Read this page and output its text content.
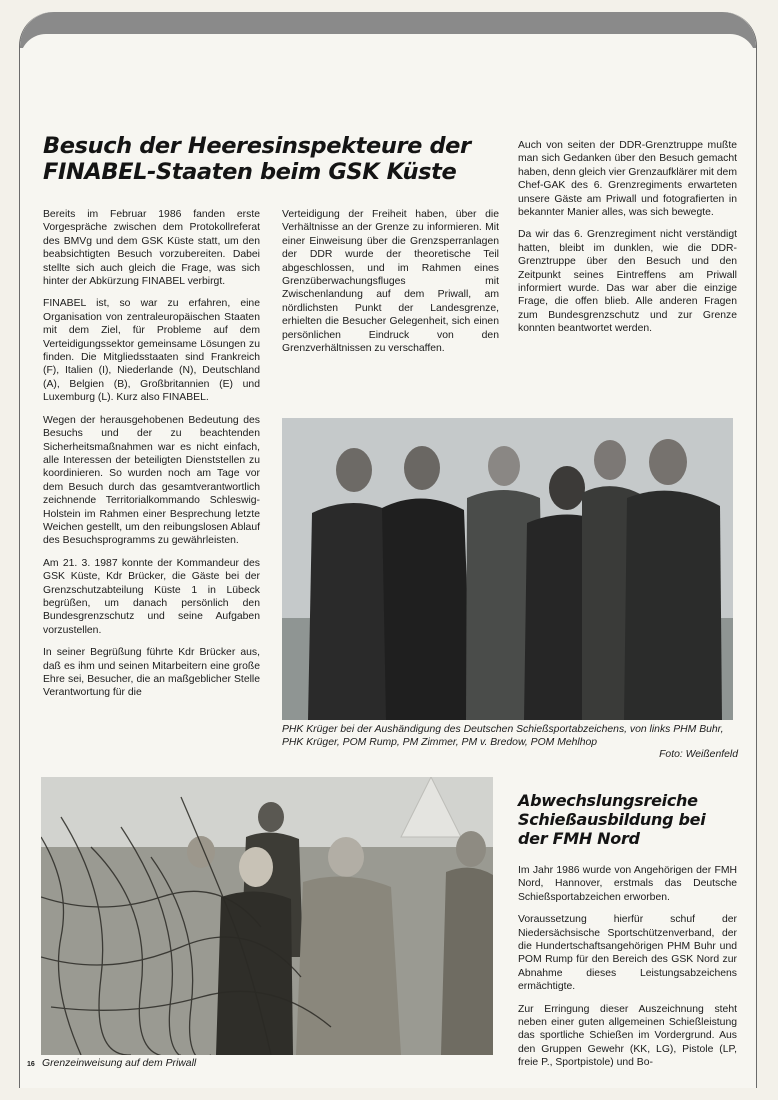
Besuch der Heeresinspekteure der FINABEL-Staaten beim GSK Küste

Bereits im Februar 1986 fanden erste Vorgespräche zwischen dem Protokollreferat des BMVg und dem GSK Küste statt, um den beabsichtigten Besuch vorzubereiten. Dabei stellte sich auch gleich die Frage, was sich hinter der Abkürzung FINABEL verbirgt.

FINABEL ist, so war zu erfahren, eine Organisation von zentraleuropäischen Staaten mit dem Ziel, für Probleme auf dem Verteidigungssektor gemeinsame Lösungen zu finden. Die Mitgliedsstaaten sind Frankreich (F), Italien (I), Niederlande (N), Deutschland (A), Belgien (B), Großbritannien (E) und Luxemburg (L). Kurz also FINABEL.

Wegen der herausgehobenen Bedeutung des Besuchs und der zu beachtenden Sicherheitsmaßnahmen war es nicht einfach, alle Interessen der beteiligten Dienststellen zu koordinieren. So wurden noch am Tage vor dem Besuch durch das gesamtverantwortlich zeichnende Territorialkommando Schleswig-Holstein im Rahmen einer Besprechung letzte Weichen gestellt, um den reibungslosen Ablauf des Besuchsprogramms zu gewährleisten.

Am 21. 3. 1987 konnte der Kommandeur des GSK Küste, Kdr Brücker, die Gäste bei der Grenzschutzabteilung Küste 1 in Lübeck begrüßen, um danach persönlich den Bundesgrenzschutz und seine Aufgaben vorzustellen.

In seiner Begrüßung führte Kdr Brücker aus, daß es ihm und seinen Mitarbeitern eine große Ehre sei, Besucher, die an maßgeblicher Stelle Verantwortung für die

Verteidigung der Freiheit haben, über die Verhältnisse an der Grenze zu informieren. Mit einer Einweisung über die Grenzsperranlagen der DDR wurde der theoretische Teil abgeschlossen, und im Rahmen eines Grenzüberwachungsfluges mit Zwischenlandung auf dem Priwall, am nördlichsten Punkt der Landesgrenze, erhielten die Besucher Gelegenheit, sich einen persönlichen Eindruck von den Grenzverhältnissen zu verschaffen.

Auch von seiten der DDR-Grenztruppe mußte man sich Gedanken über den Besuch gemacht haben, denn gleich vier Grenzaufklärer mit dem Chef-GAK des 6. Grenzregiments erwarteten unsere Gäste am Priwall und fotografierten in bekannter Manier alles, was sich bewegte.

Da wir das 6. Grenzregiment nicht verständigt hatten, bleibt im dunklen, wie die DDR-Grenztruppe über den Besuch und den Zeitpunkt seines Eintreffens am Priwall informiert wurde. Das war aber die einzige Frage, die offen blieb. Alle anderen Fragen zum Bundesgrenzschutz und zur Grenze konnten beantwortet werden.

PHK Krüger bei der Aushändigung des Deutschen Schießsportabzeichens, von links PHM Buhr, PHK Krüger, POM Rump, PM Zimmer, PM v. Bredow, POM Mehlhop
Foto: Weißenfeld
16 Grenzeinweisung auf dem Priwall
Abwechslungsreiche Schießausbildung bei der FMH Nord

Im Jahr 1986 wurde von Angehörigen der FMH Nord, Hannover, erstmals das Deutsche Schießsportabzeichen erworben.

Voraussetzung hierfür schuf der Niedersächsische Sportschützenverband, der die Hundertschaftsangehörigen PHM Buhr und POM Rump für den Bereich des GSK Nord zur Abnahme dieses Leistungsabzeichens ermächtigte.

Zur Erringung dieser Auszeichnung steht neben einer guten allgemeinen Schießleistung das sportliche Schießen im Vordergrund. Aus den Gruppen Gewehr (KK, LG), Pistole (LP, freie P., Sportpistole) und Bo-
